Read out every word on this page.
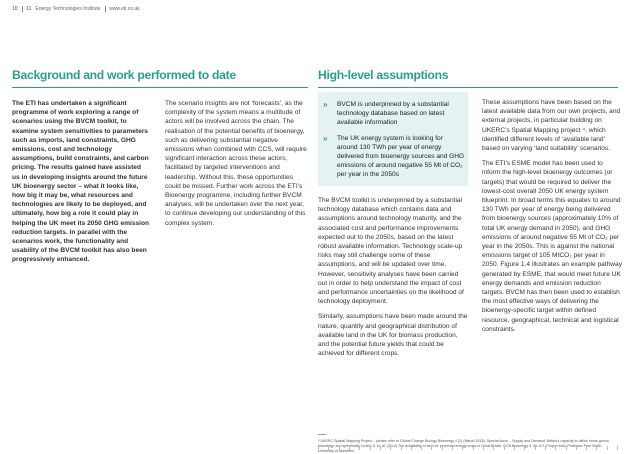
10 11 Energy Technologies Institute www.eti.co.uk
Background and work performed to date

The ETI has undertaken a significant programme of work exploring a range of scenarios using the BVCM toolkit, to examine system sensitivities to parameters such as imports, land constraints, GHG emissions, cost and technology assumptions, build constraints, and carbon pricing. The results gained have assisted us in developing insights around the future UK bioenergy sector – what it looks like, how big it may be, what resources and technologies are likely to be deployed, and ultimately, how big a role it could play in helping the UK meet its 2050 GHG emission reduction targets. In parallel with the scenarios work, the functionality and usability of the BVCM toolkit has also been progressively enhanced.

The scenario insights are not ‘forecasts’, as the complexity of the system means a multitude of actors will be involved across the chain. The realisation of the potential benefits of bioenergy, such as delivering substantial negative emissions when combined with CCS, will require significant interaction across these actors, facilitated by targeted interventions and leadership. Without this, these opportunities could be missed. Further work across the ETI’s Bioenergy programme, including further BVCM analyses, will be undertaken over the next year, to continue developing our understanding of this complex system.

High-level assumptions
» BVCM is underpinned by a substantial technology database based on latest available information
» The UK energy system is looking for around 130 TWh per year of energy delivered from bioenergy sources and GHG emissions of around negative 55 Mt of CO₂ per year in the 2050s

The BVCM toolkit is underpinned by a substantial technology database which contains data and assumptions around technology maturity, and the associated cost and performance improvements expected out to the 2050s, based on the latest robust available information. Technology scale-up risks may still challenge some of these assumptions, and will be updated over time. However, sensitivity analyses have been carried out in order to help understand the impact of cost and performance uncertainties on the likelihood of technology deployment.

Similarly, assumptions have been made around the nature, quantity and geographical distribution of available land in the UK for biomass production, and the potential future yields that could be achieved for different crops.

These assumptions have been based on the latest available data from our own projects, and external projects, in particular building on UKERC’s Spatial Mapping project ⁴, which identified different levels of ‘available land’ based on varying ‘land suitability’ scenarios.

The ETI’s ESME model has been used to inform the high-level bioenergy outcomes (or targets) that would be required to deliver the lowest-cost overall 2050 UK energy system blueprint. In broad terms this equates to around 130 TWh per year of energy being delivered from bioenergy sources (approximately 10% of total UK energy demand in 2050), and GHG emissions of around negative 55 Mt of CO₂ per year in the 2050s. This is against the national emissions target of 105 MtCO₂ per year in 2050. Figure 1.4 illustrates an example pathway generated by ESME, that would meet future UK energy demands and emission reduction targets. BVCM has then been used to establish the most effective ways of delivering the bioenergy-specific target within defined resource, geographical, technical and logistical constraints.

⁴ UKERC Spatial Mapping Project – please refer to Global Change Biology Bioenergy 4 (2) (March 2018): Special Issue – Supply and Demand: Britain’s capacity to utilise home-grown bioenergy, and specifically Lovett, A. et. al. (2014) The availability of land for perennial energy crops in Great Britain. GCB Bioenergy 6, 99-107. Project lead: Professor Pete Smith, University of Aberdeen.
